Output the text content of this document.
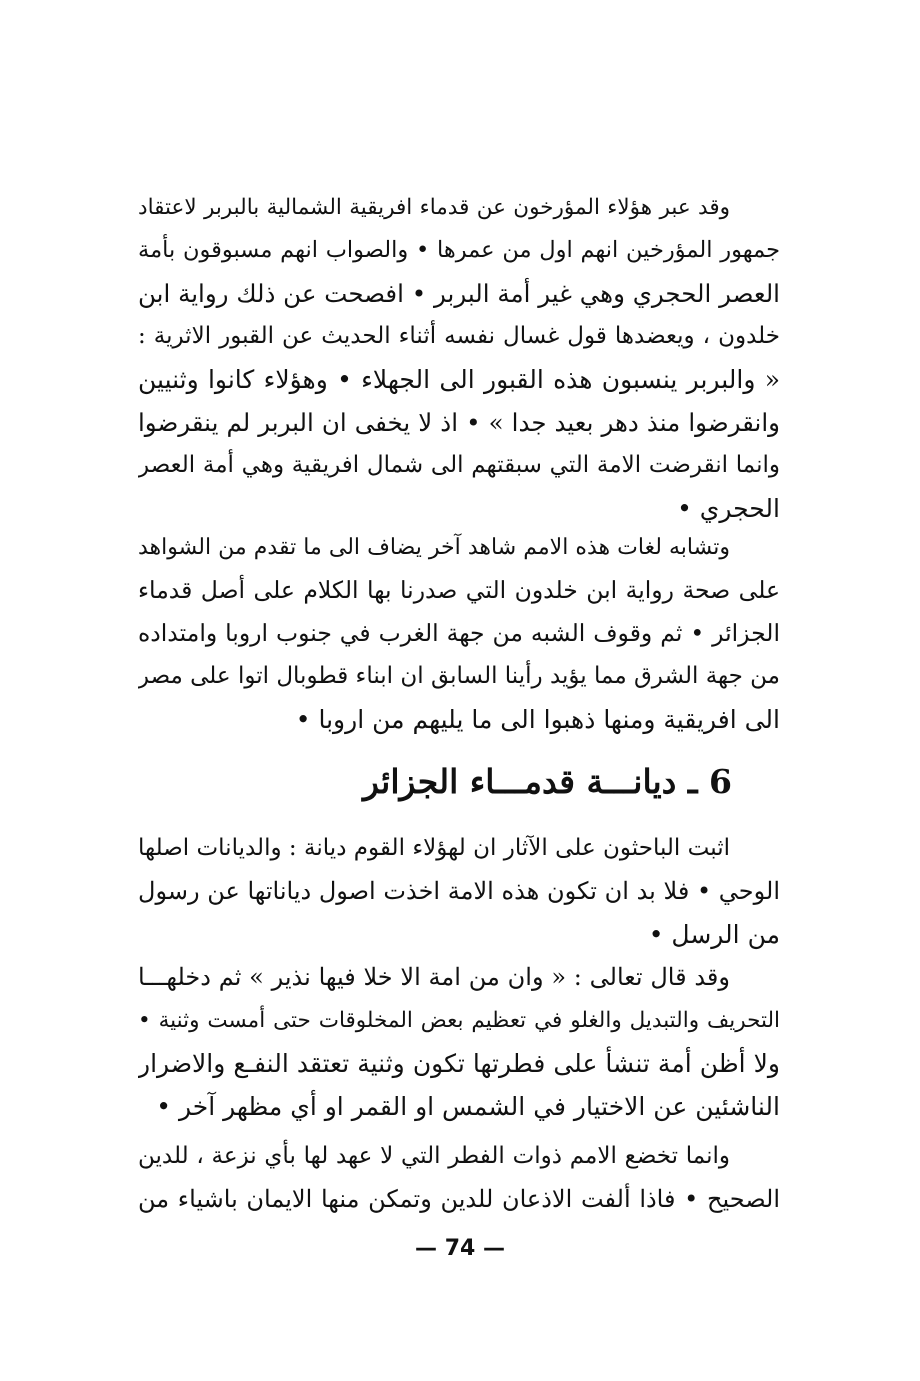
وقد عبر هؤلاء المؤرخون عن قدماء افريقية الشمالية بالبربر لاعتقاد
جمهور المؤرخين انهم اول من عمرها • والصواب انهم مسبوقون بأمة
العصر الحجري وهي غير أمة البربر • افصحت عن ذلك رواية ابن
خلدون ، ويعضدها قول غسال نفسه أثناء الحديث عن القبور الاثرية :
« والبربر ينسبون هذه القبور الى الجهلاء • وهؤلاء كانوا وثنيين
وانقرضوا منذ دهر بعيد جدا » • اذ لا يخفى ان البربر لم ينقرضوا
وانما انقرضت الامة التي سبقتهم الى شمال افريقية وهي أمة العصر
الحجري •
وتشابه لغات هذه الامم شاهد آخر يضاف الى ما تقدم من الشواهد
على صحة رواية ابن خلدون التي صدرنا بها الكلام على أصل قدماء
الجزائر • ثم وقوف الشبه من جهة الغرب في جنوب اروبا وامتداده
من جهة الشرق مما يؤيد رأينا السابق ان ابناء قطوبال اتوا على مصر
الى افريقية ومنها ذهبوا الى ما يليهم من اروبا •
6 ـ ديانـــة قدمـــاء الجزائر
اثبت الباحثون على الآثار ان لهؤلاء القوم ديانة : والديانات اصلها
الوحي • فلا بد ان تكون هذه الامة اخذت اصول دياناتها عن رسول
من الرسل •
وقد قال تعالى : « وان من امة الا خلا فيها نذير » ثم دخلهـــا
التحريف والتبديل والغلو في تعظيم بعض المخلوقات حتى أمست وثنية •
ولا أظن أمة تنشأ على فطرتها تكون وثنية تعتقد النفـع والاضرار
الناشئين عن الاختيار في الشمس او القمر او أي مظهر آخر •
وانما تخضع الامم ذوات الفطر التي لا عهد لها بأي نزعة ، للدين
الصحيح • فاذا ألفت الاذعان للدين وتمكن منها الايمان باشياء من
— 74 —
